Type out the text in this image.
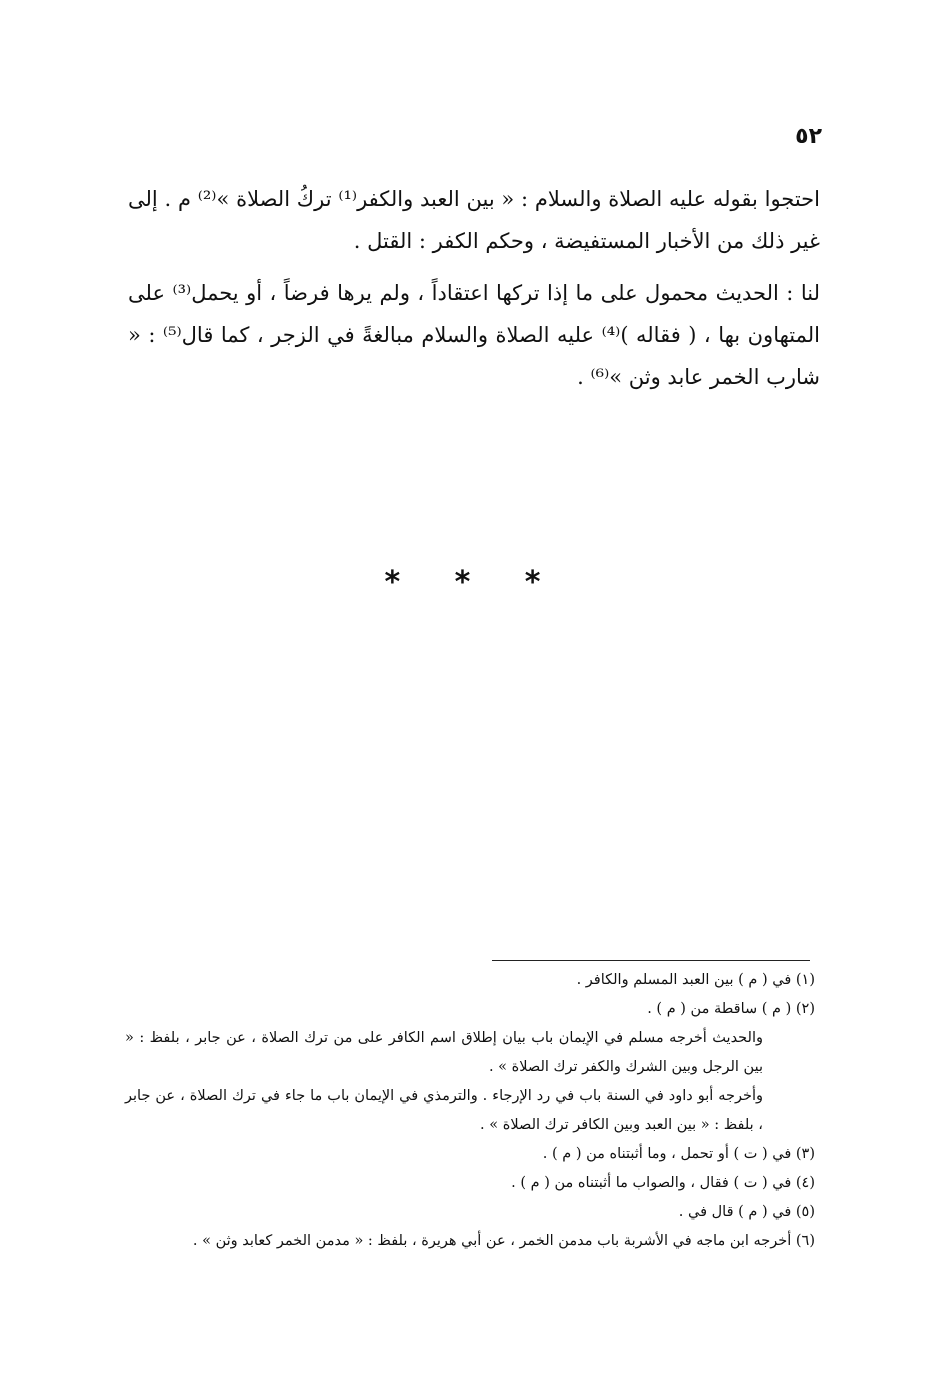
٥٢

احتجوا بقوله عليه الصلاة والسلام : « بين العبد والكفر⁽¹⁾ تركُ الصلاة »⁽²⁾ م . إلى غير ذلك من الأخبار المستفيضة ، وحكم الكفر : القتل .

لنا : الحديث محمول على ما إذا تركها اعتقاداً ، ولم يرها فرضاً ، أو يحمل⁽³⁾ على المتهاون بها ، ( فقاله )⁽⁴⁾ عليه الصلاة والسلام مبالغةً في الزجر ، كما قال⁽⁵⁾ : « شارب الخمر عابد وثن »⁽⁶⁾ .

* * *

(١) في ( م ) بين العبد المسلم والكافر .

(٢) ( م ) ساقطة من ( م ) .

والحديث أخرجه مسلم في الإيمان باب بيان إطلاق اسم الكافر على من ترك الصلاة ، عن جابر ، بلفظ : « بين الرجل وبين الشرك والكفر ترك الصلاة » .

وأخرجه أبو داود في السنة باب في رد الإرجاء . والترمذي في الإيمان باب ما جاء في ترك الصلاة ، عن جابر ، بلفظ : « بين العبد وبين الكافر ترك الصلاة » .

(٣) في ( ت ) أو تحمل ، وما أثبتناه من ( م ) .

(٤) في ( ت ) فقال ، والصواب ما أثبتناه من ( م ) .

(٥) في ( م ) قال في .

(٦) أخرجه ابن ماجه في الأشربة باب مدمن الخمر ، عن أبي هريرة ، بلفظ : « مدمن الخمر كعابد وثن » .
